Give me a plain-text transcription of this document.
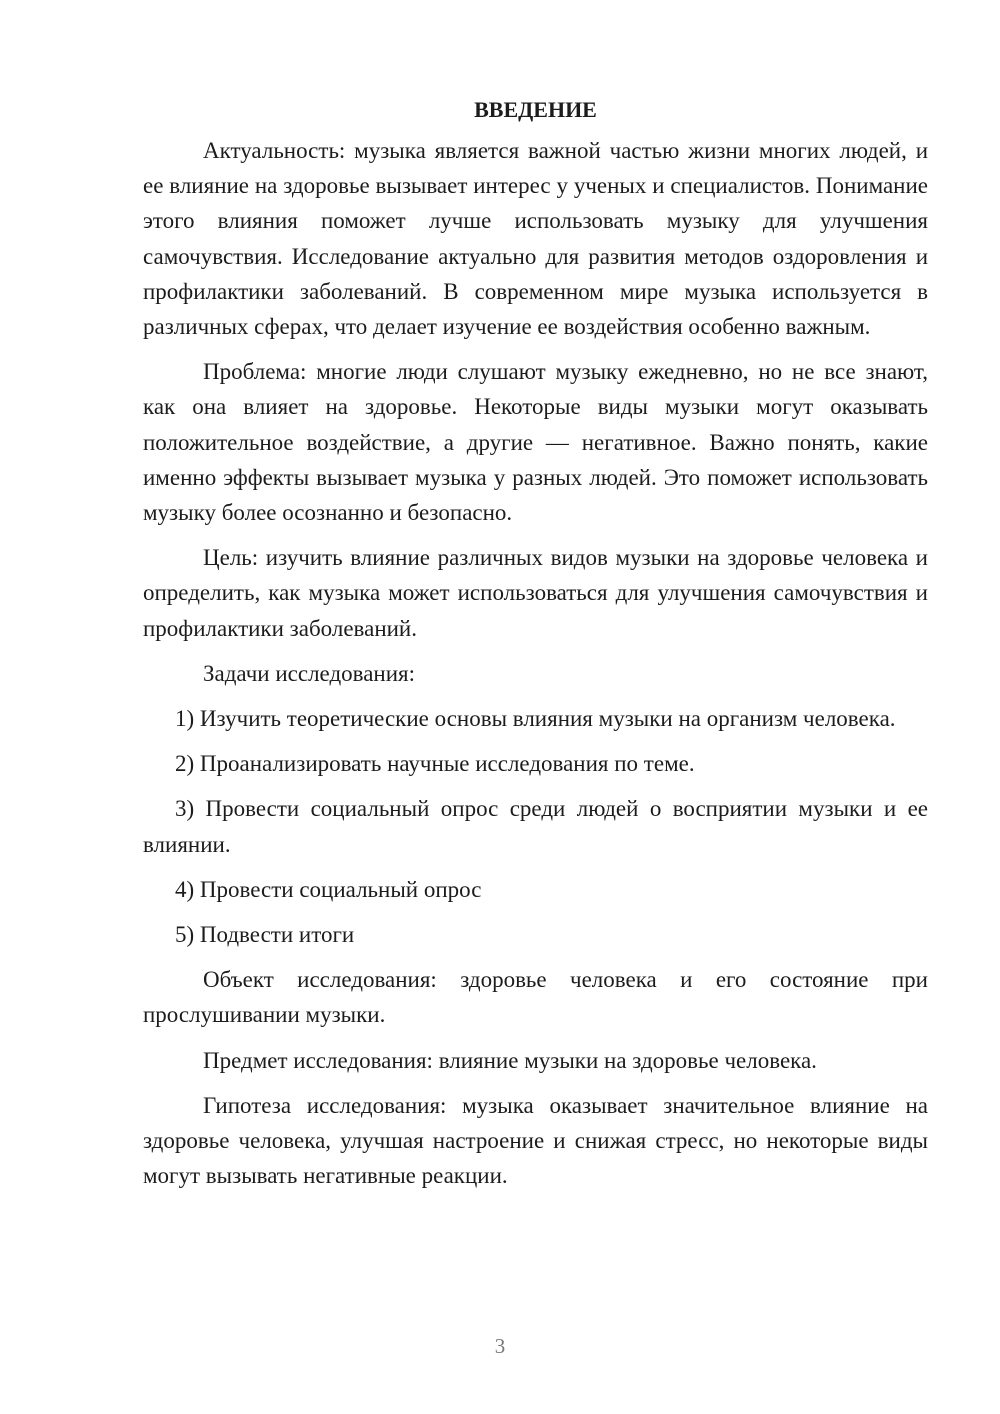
ВВЕДЕНИЕ

Актуальность: музыка является важной частью жизни многих людей, и ее влияние на здоровье вызывает интерес у ученых и специалистов. Понимание этого влияния поможет лучше использовать музыку для улучшения самочувствия. Исследование актуально для развития методов оздоровления и профилактики заболеваний. В современном мире музыка используется в различных сферах, что делает изучение ее воздействия особенно важным.

Проблема: многие люди слушают музыку ежедневно, но не все знают, как она влияет на здоровье. Некоторые виды музыки могут оказывать положительное воздействие, а другие — негативное. Важно понять, какие именно эффекты вызывает музыка у разных людей. Это поможет использовать музыку более осознанно и безопасно.

Цель: изучить влияние различных видов музыки на здоровье человека и определить, как музыка может использоваться для улучшения самочувствия и профилактики заболеваний.

Задачи исследования:

1) Изучить теоретические основы влияния музыки на организм человека.

2) Проанализировать научные исследования по теме.

3) Провести социальный опрос среди людей о восприятии музыки и ее влиянии.

4) Провести социальный опрос

5) Подвести итоги

Объект исследования: здоровье человека и его состояние при прослушивании музыки.

Предмет исследования: влияние музыки на здоровье человека.

Гипотеза исследования: музыка оказывает значительное влияние на здоровье человека, улучшая настроение и снижая стресс, но некоторые виды могут вызывать негативные реакции.

3
